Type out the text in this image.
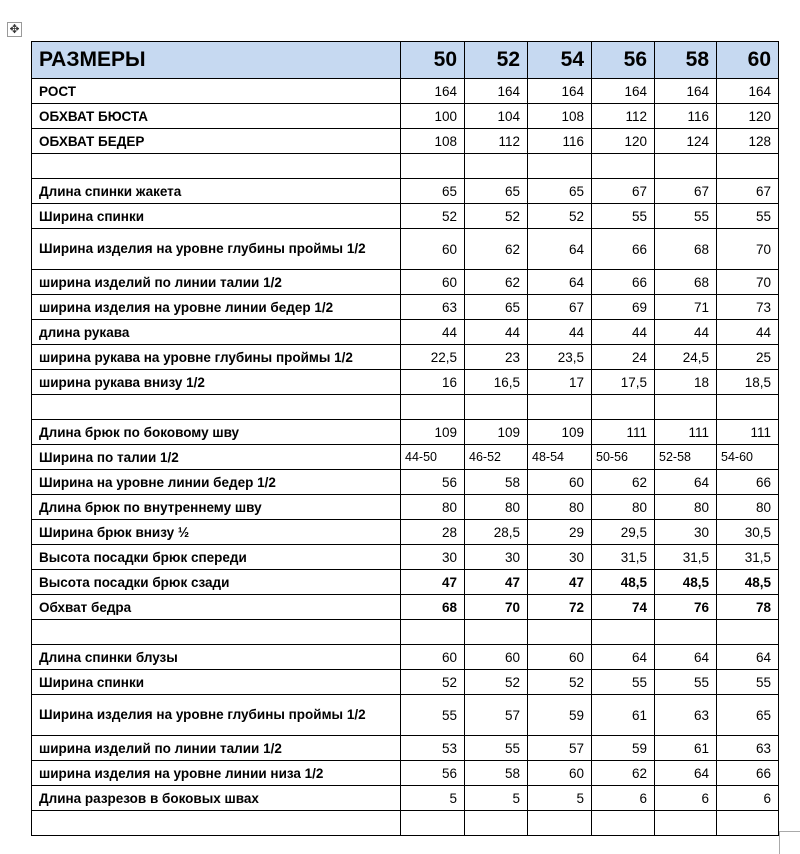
✥
РАЗМЕРЫ	50	52	54	56	58	60
РОСТ	164	164	164	164	164	164
ОБХВАТ БЮСТА	100	104	108	112	116	120
ОБХВАТ БЕДЕР	108	112	116	120	124	128

Длина спинки жакета	65	65	65	67	67	67
Ширина спинки	52	52	52	55	55	55
Ширина изделия на уровне глубины проймы 1/2	60	62	64	66	68	70
ширина изделий по линии талии 1/2	60	62	64	66	68	70
ширина изделия на уровне линии бедер 1/2	63	65	67	69	71	73
длина рукава	44	44	44	44	44	44
ширина рукава на уровне глубины проймы 1/2	22,5	23	23,5	24	24,5	25
ширина рукава внизу 1/2	16	16,5	17	17,5	18	18,5

Длина брюк по боковому шву	109	109	109	111	111	111
Ширина по талии 1/2	44-50	46-52	48-54	50-56	52-58	54-60
Ширина на уровне линии бедер 1/2	56	58	60	62	64	66
Длина брюк по внутреннему шву	80	80	80	80	80	80
Ширина брюк внизу ½	28	28,5	29	29,5	30	30,5
Высота посадки брюк спереди	30	30	30	31,5	31,5	31,5
Высота посадки брюк сзади	47	47	47	48,5	48,5	48,5
Обхват бедра	68	70	72	74	76	78

Длина спинки блузы	60	60	60	64	64	64
Ширина спинки	52	52	52	55	55	55
Ширина изделия на уровне глубины проймы 1/2	55	57	59	61	63	65
ширина изделий по линии талии 1/2	53	55	57	59	61	63
ширина изделия на уровне линии низа 1/2	56	58	60	62	64	66
Длина разрезов в боковых швах	5	5	5	6	6	6
